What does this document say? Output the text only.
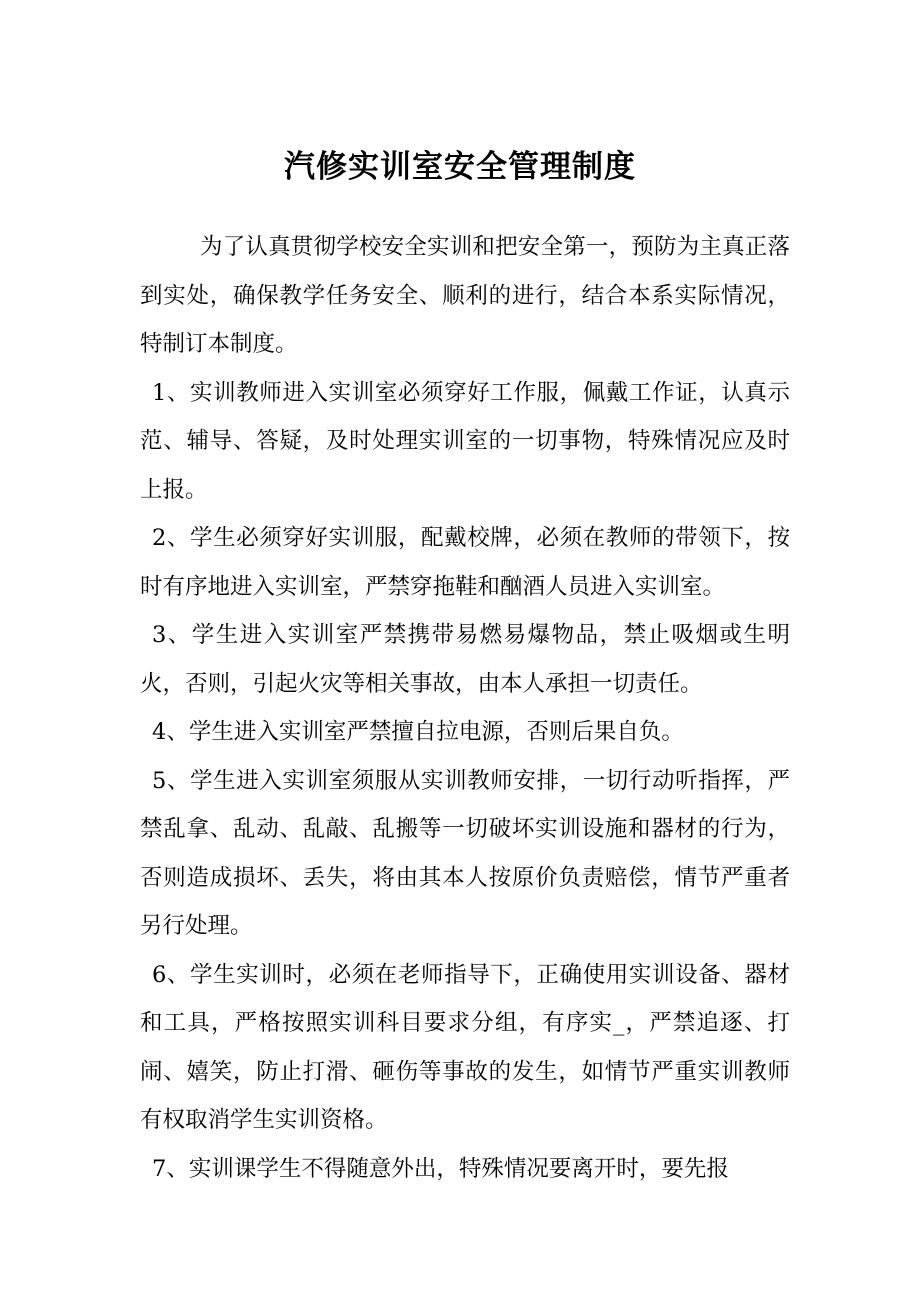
汽修实训室安全管理制度

为了认真贯彻学校安全实训和把安全第一，预防为主真正落到实处，确保教学任务安全、顺利的进行，结合本系实际情况，特制订本制度。

1、实训教师进入实训室必须穿好工作服，佩戴工作证，认真示范、辅导、答疑，及时处理实训室的一切事物，特殊情况应及时上报。

2、学生必须穿好实训服，配戴校牌，必须在教师的带领下，按时有序地进入实训室，严禁穿拖鞋和酗酒人员进入实训室。

3、学生进入实训室严禁携带易燃易爆物品，禁止吸烟或生明火，否则，引起火灾等相关事故，由本人承担一切责任。

4、学生进入实训室严禁擅自拉电源，否则后果自负。

5、学生进入实训室须服从实训教师安排，一切行动听指挥，严禁乱拿、乱动、乱敲、乱搬等一切破坏实训设施和器材的行为，否则造成损坏、丢失，将由其本人按原价负责赔偿，情节严重者另行处理。

6、学生实训时，必须在老师指导下，正确使用实训设备、器材和工具，严格按照实训科目要求分组，有序实_，严禁追逐、打闹、嬉笑，防止打滑、砸伤等事故的发生，如情节严重实训教师有权取消学生实训资格。

7、实训课学生不得随意外出，特殊情况要离开时，要先报
